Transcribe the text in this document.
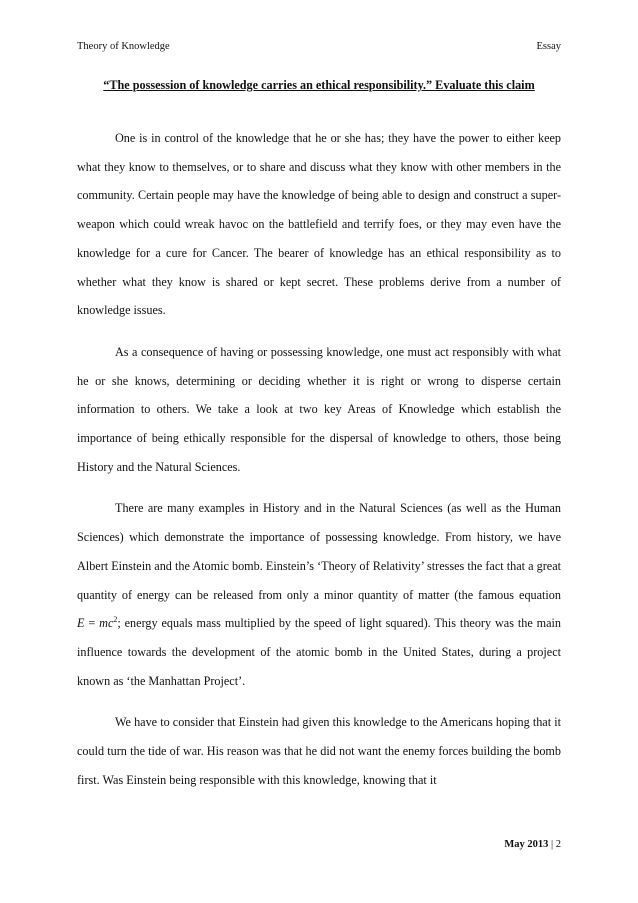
Theory of Knowledge	Essay
“The possession of knowledge carries an ethical responsibility.” Evaluate this claim

One is in control of the knowledge that he or she has; they have the power to either keep what they know to themselves, or to share and discuss what they know with other members in the community. Certain people may have the knowledge of being able to design and construct a super-weapon which could wreak havoc on the battlefield and terrify foes, or they may even have the knowledge for a cure for Cancer. The bearer of knowledge has an ethical responsibility as to whether what they know is shared or kept secret. These problems derive from a number of knowledge issues.

As a consequence of having or possessing knowledge, one must act responsibly with what he or she knows, determining or deciding whether it is right or wrong to disperse certain information to others. We take a look at two key Areas of Knowledge which establish the importance of being ethically responsible for the dispersal of knowledge to others, those being History and the Natural Sciences.

There are many examples in History and in the Natural Sciences (as well as the Human Sciences) which demonstrate the importance of possessing knowledge. From history, we have Albert Einstein and the Atomic bomb. Einstein’s ‘Theory of Relativity’ stresses the fact that a great quantity of energy can be released from only a minor quantity of matter (the famous equation $E = mc^2$; energy equals mass multiplied by the speed of light squared). This theory was the main influence towards the development of the atomic bomb in the United States, during a project known as ‘the Manhattan Project’.

We have to consider that Einstein had given this knowledge to the Americans hoping that it could turn the tide of war. His reason was that he did not want the enemy forces building the bomb first. Was Einstein being responsible with this knowledge, knowing that it

May 2013 | 2
